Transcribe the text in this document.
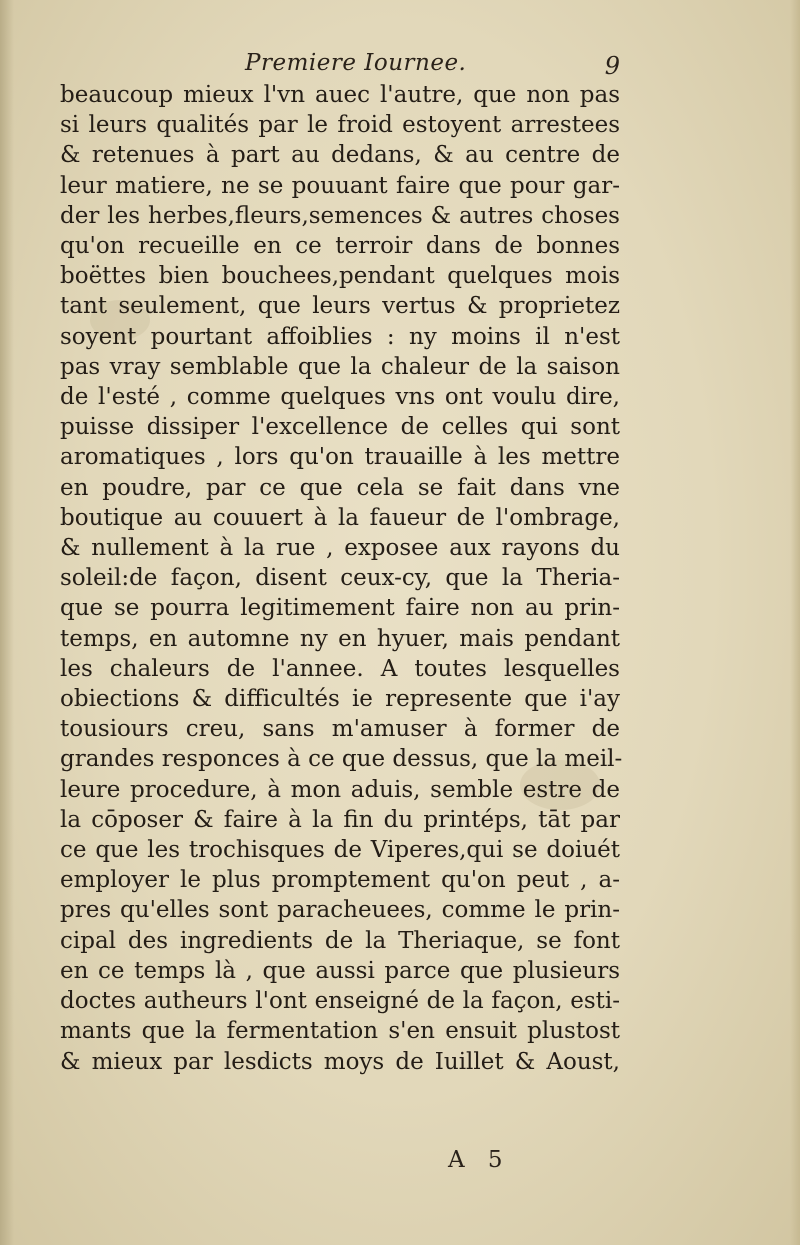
Premiere Iournee.	9
beaucoup mieux l'vn auec l'autre, que non pas
si leurs qualités par le froid estoyent arrestees
& retenues à part au dedans, & au centre de
leur matiere, ne se pouuant faire que pour gar-
der les herbes,fleurs,semences & autres choses
qu'on recueille en ce terroir dans de bonnes
boëttes bien bouchees,pendant quelques mois
tant seulement, que leurs vertus & proprietez
soyent pourtant affoiblies : ny moins il n'est
pas vray semblable que la chaleur de la saison
de l'esté , comme quelques vns ont voulu dire,
puisse dissiper l'excellence de celles qui sont
aromatiques , lors qu'on trauaille à les mettre
en poudre, par ce que cela se fait dans vne
boutique au couuert à la faueur de l'ombrage,
& nullement à la rue , exposee aux rayons du
soleil:de façon, disent ceux-cy, que la Theria-
que se pourra legitimement faire non au prin-
temps, en automne ny en hyuer, mais pendant
les chaleurs de l'annee. A toutes lesquelles
obiections & difficultés ie represente que i'ay
tousiours creu, sans m'amuser à former de
grandes responces à ce que dessus, que la meil-
leure procedure, à mon aduis, semble estre de
la cōposer & faire à la fin du printéps, tāt par
ce que les trochisques de Viperes,qui se doiuét
employer le plus promptement qu'on peut , a-
pres qu'elles sont paracheuees, comme le prin-
cipal des ingredients de la Theriaque, se font
en ce temps là , que aussi parce que plusieurs
doctes autheurs l'ont enseigné de la façon, esti-
mants que la fermentation s'en ensuit plustost
& mieux par lesdicts moys de Iuillet & Aoust,
A 5
